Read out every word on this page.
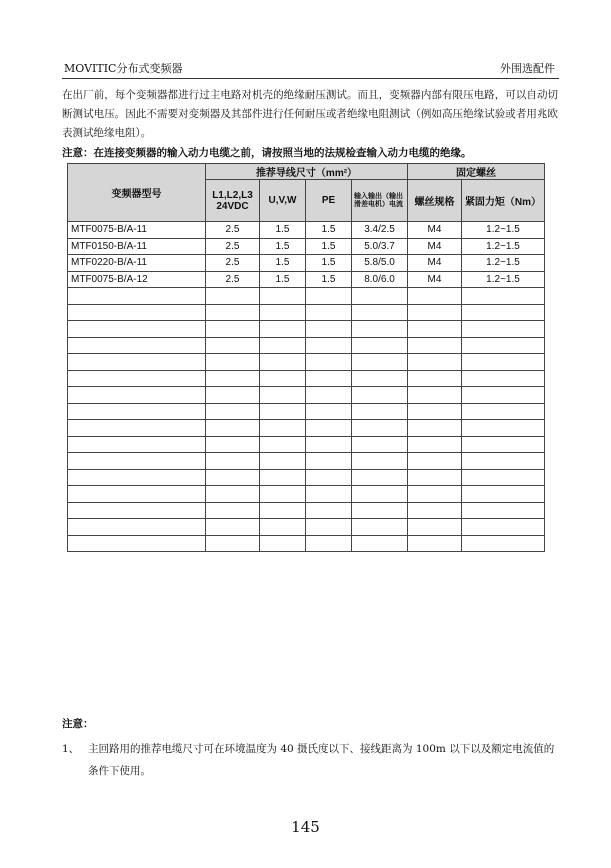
MOVITIC分布式变频器	外围选配件
在出厂前，每个变频器都进行过主电路对机壳的绝缘耐压测试。而且，变频器内部有限压电路，可以自动切断测试电压。因此不需要对变频器及其部件进行任何耐压或者绝缘电阻测试（例如高压绝缘试验或者用兆欧表测试绝缘电阻）。
注意：在连接变频器的输入动力电缆之前，请按照当地的法规检查输入动力电缆的绝缘。
变频器型号	推荐导线尺寸（mm²）				固定螺丝	
	L1,L2,L3 24VDC	U,V,W	PE	输入输出（输出滑差电机）电流	螺丝规格	紧固力矩（Nm）
MTF0075-B/A-11	2.5	1.5	1.5	3.4/2.5	M4	1.2~1.5
MTF0150-B/A-11	2.5	1.5	1.5	5.0/3.7	M4	1.2~1.5
MTF0220-B/A-11	2.5	1.5	1.5	5.8/5.0	M4	1.2~1.5
MTF0075-B/A-12	2.5	1.5	1.5	8.0/6.0	M4	1.2~1.5

注意：
1、 主回路用的推荐电缆尺寸可在环境温度为 40 摄氏度以下、接线距离为 100m 以下以及额定电流值的条件下使用。
145
